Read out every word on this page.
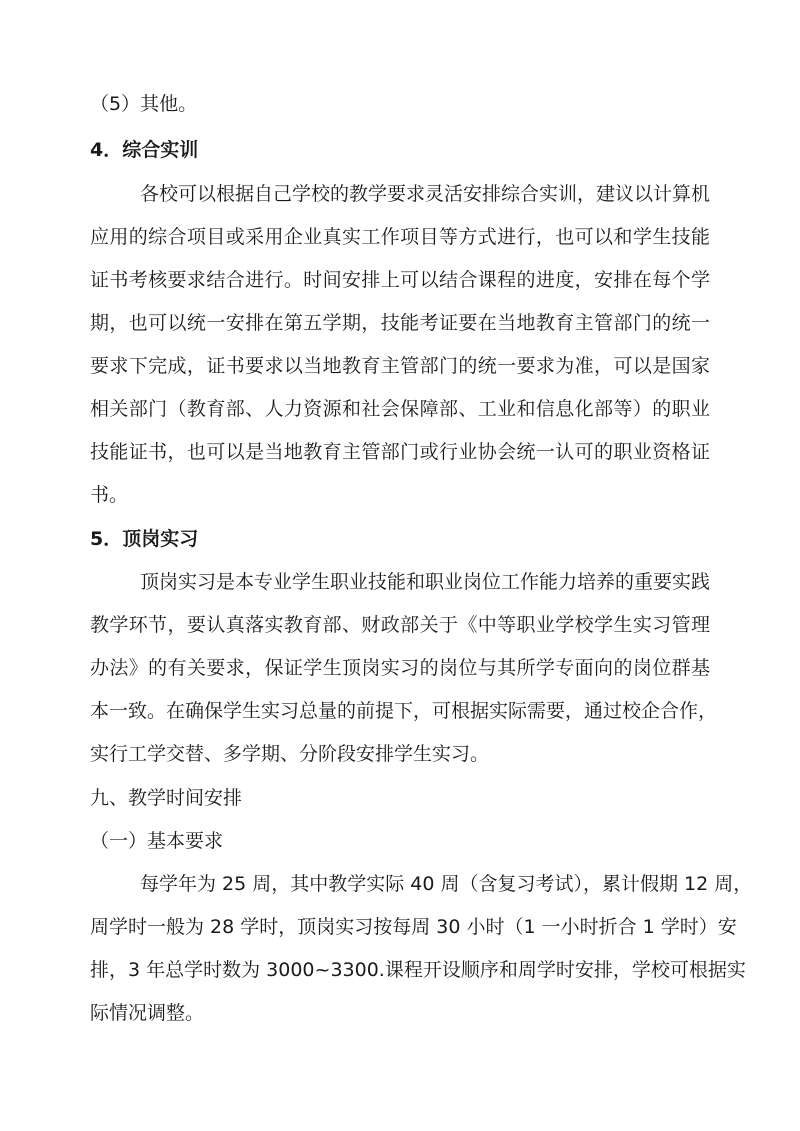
（5）其他。

4．综合实训

各校可以根据自己学校的教学要求灵活安排综合实训，建议以计算机

应用的综合项目或采用企业真实工作项目等方式进行，也可以和学生技能

证书考核要求结合进行。时间安排上可以结合课程的进度，安排在每个学

期，也可以统一安排在第五学期，技能考证要在当地教育主管部门的统一

要求下完成，证书要求以当地教育主管部门的统一要求为准，可以是国家

相关部门（教育部、人力资源和社会保障部、工业和信息化部等）的职业

技能证书，也可以是当地教育主管部门或行业协会统一认可的职业资格证

书。

5．顶岗实习

顶岗实习是本专业学生职业技能和职业岗位工作能力培养的重要实践

教学环节，要认真落实教育部、财政部关于《中等职业学校学生实习管理

办法》的有关要求，保证学生顶岗实习的岗位与其所学专面向的岗位群基

本一致。在确保学生实习总量的前提下，可根据实际需要，通过校企合作，

实行工学交替、多学期、分阶段安排学生实习。

九、教学时间安排

（一）基本要求

每学年为 25 周，其中教学实际 40 周（含复习考试），累计假期 12 周，

周学时一般为 28 学时，顶岗实习按每周 30 小时（1 一小时折合 1 学时）安

排，3 年总学时数为 3000~3300.课程开设顺序和周学时安排，学校可根据实

际情况调整。
